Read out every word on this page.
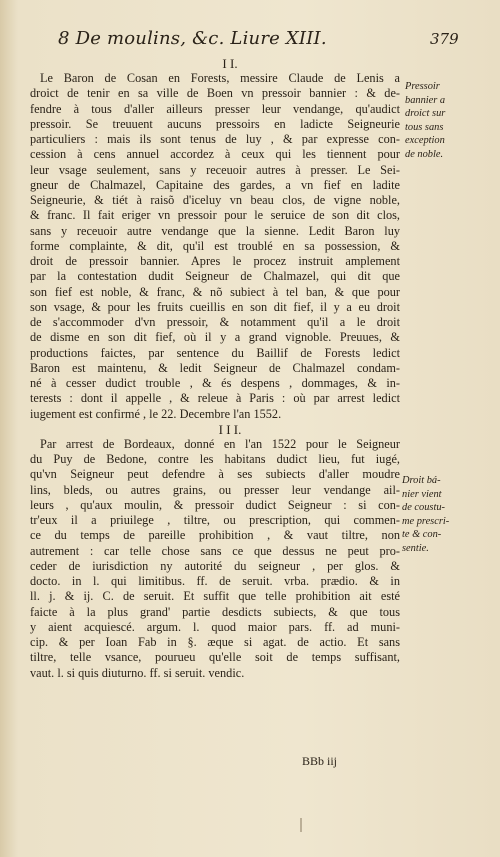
8 De moulins, &c. Liure XIII.	379
I I.
Le Baron de Cosan en Forests, messire Claude de Lenis a
droict de tenir en sa ville de Boen vn pressoir bannier : & de-
fendre à tous d'aller ailleurs presser leur vendange, qu'audict
pressoir. Se treuuent aucuns pressoirs en ladicte Seigneurie
particuliers : mais ils sont tenus de luy , & par expresse con-
cession à cens annuel accordez à ceux qui les tiennent pour
leur vsage seulement, sans y receuoir autres à presser. Le Sei-
gneur de Chalmazel, Capitaine des gardes, a vn fief en ladite
Seigneurie, & tiét à raisõ d'iceluy vn beau clos, de vigne noble,
& franc. Il fait eriger vn pressoir pour le seruice de son dit clos,
sans y receuoir autre vendange que la sienne. Ledit Baron luy
forme complainte, & dit, qu'il est troublé en sa possession, &
droit de pressoir bannier. Apres le procez instruit amplement
par la contestation dudit Seigneur de Chalmazel, qui dit que
son fief est noble, & franc, & nõ subiect à tel ban, & que pour
son vsage, & pour les fruits cueillis en son dit fief, il y a eu droit
de s'accommoder d'vn pressoir, & notamment qu'il a le droit
de disme en son dit fief, où il y a grand vignoble. Preuues, &
productions faictes, par sentence du Baillif de Forests ledict
Baron est maintenu, & ledit Seigneur de Chalmazel condam-
né à cesser dudict trouble , & és despens , dommages, & in-
terests : dont il appelle , & releue à Paris : où par arrest ledict
iugement est confirmé , le 22. Decembre l'an 1552.
I I I.
Par arrest de Bordeaux, donné en l'an 1522 pour le Seigneur
du Puy de Bedone, contre les habitans dudict lieu, fut iugé,
qu'vn Seigneur peut defendre à ses subiects d'aller moudre
lins, bleds, ou autres grains, ou presser leur vendange ail-
leurs , qu'aux moulin, & pressoir dudict Seigneur : si con-
tr'eux il a priuilege , tiltre, ou prescription, qui commen-
ce du temps de pareille prohibition , & vaut tiltre, non
autrement : car telle chose sans ce que dessus ne peut pro-
ceder de iurisdiction ny autorité du seigneur , per glos. &
docto. in l. qui limitibus. ff. de seruit. vrba. prædio. & in
ll. j. & ij. C. de seruit. Et suffit que telle prohibition ait esté
faicte à la plus grand' partie desdicts subiects, & que tous
y aient acquiescé. argum. l. quod maior pars. ff. ad muni-
cip. & per Ioan Fab in §. æque si agat. de actio. Et sans
tiltre, telle vsance, pourueu qu'elle soit de temps suffisant,
vaut. l. si quis diuturno. ff. si seruit. vendic.
Pressoir
bannier a
droict sur
tous sans
exception
de noble.
Droit bá-
nier vient
de coustu-
me prescri-
te & con-
sentie.
BBb iij
